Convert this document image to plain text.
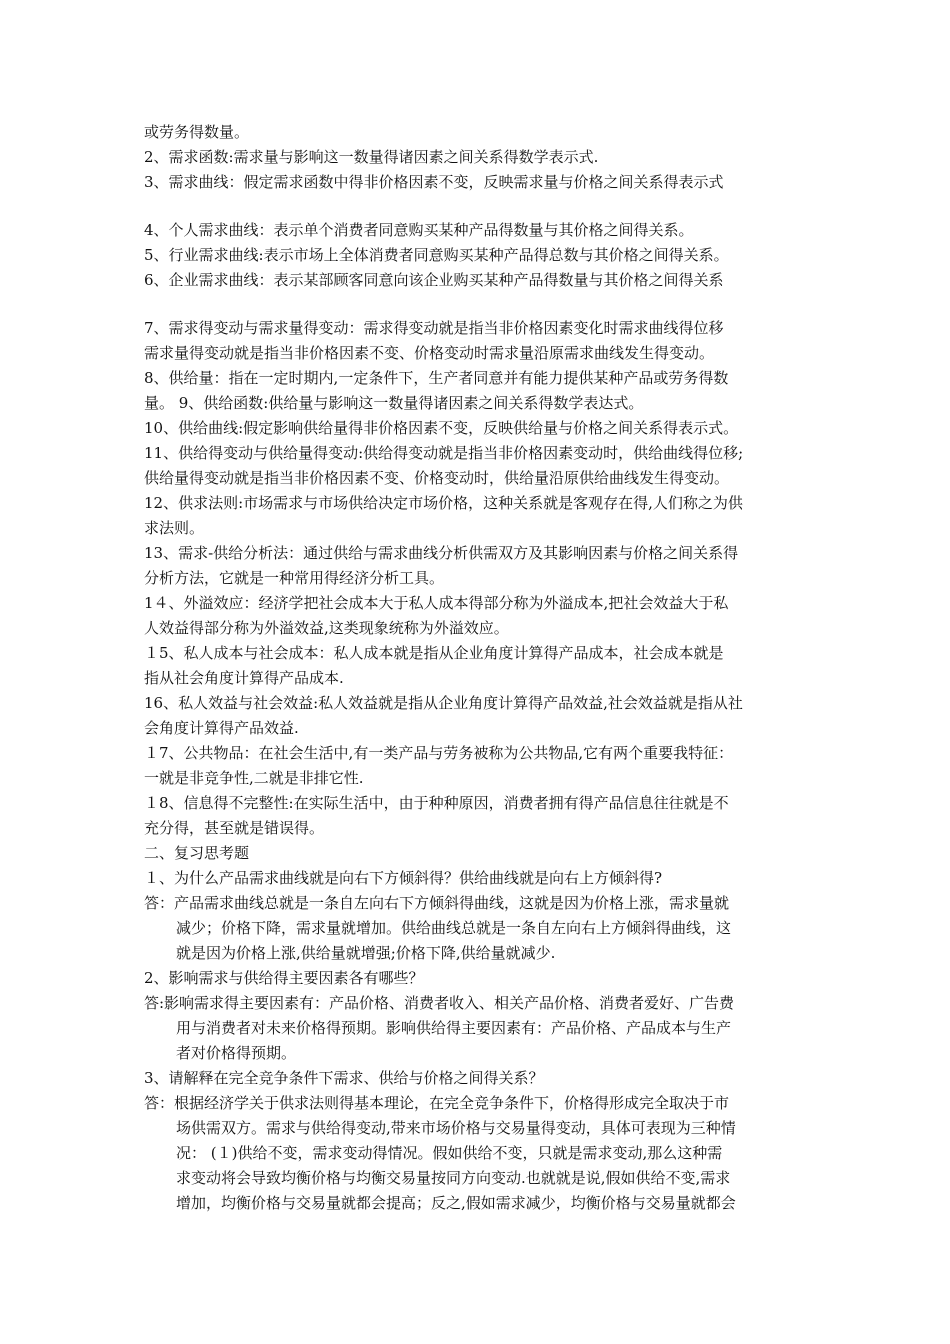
或劳务得数量。
2、需求函数:需求量与影响这一数量得诸因素之间关系得数学表示式.
3、需求曲线：假定需求函数中得非价格因素不变，反映需求量与价格之间关系得表示式
4、个人需求曲线：表示单个消费者同意购买某种产品得数量与其价格之间得关系。
5、行业需求曲线:表示市场上全体消费者同意购买某种产品得总数与其价格之间得关系。
6、企业需求曲线：表示某部顾客同意向该企业购买某种产品得数量与其价格之间得关系
7、需求得变动与需求量得变动：需求得变动就是指当非价格因素变化时需求曲线得位移
需求量得变动就是指当非价格因素不变、价格变动时需求量沿原需求曲线发生得变动。
8、供给量：指在一定时期内,一定条件下，生产者同意并有能力提供某种产品或劳务得数
量。 9、供给函数:供给量与影响这一数量得诸因素之间关系得数学表达式。
10、供给曲线:假定影响供给量得非价格因素不变，反映供给量与价格之间关系得表示式。
11、供给得变动与供给量得变动:供给得变动就是指当非价格因素变动时，供给曲线得位移;
供给量得变动就是指当非价格因素不变、价格变动时，供给量沿原供给曲线发生得变动。
12、供求法则:市场需求与市场供给决定市场价格，这种关系就是客观存在得,人们称之为供
求法则。
13、需求-供给分析法：通过供给与需求曲线分析供需双方及其影响因素与价格之间关系得
分析方法，它就是一种常用得经济分析工具。
1４、外溢效应：经济学把社会成本大于私人成本得部分称为外溢成本,把社会效益大于私
人效益得部分称为外溢效益,这类现象统称为外溢效应。
１5、私人成本与社会成本：私人成本就是指从企业角度计算得产品成本，社会成本就是
指从社会角度计算得产品成本.
16、私人效益与社会效益:私人效益就是指从企业角度计算得产品效益,社会效益就是指从社
会角度计算得产品效益.
１7、公共物品：在社会生活中,有一类产品与劳务被称为公共物品,它有两个重要我特征：
一就是非竞争性,二就是非排它性.
１8、信息得不完整性:在实际生活中，由于种种原因，消费者拥有得产品信息往往就是不
充分得，甚至就是错误得。
二、复习思考题
１、为什么产品需求曲线就是向右下方倾斜得？供给曲线就是向右上方倾斜得?
答：产品需求曲线总就是一条自左向右下方倾斜得曲线，这就是因为价格上涨，需求量就
减少；价格下降，需求量就增加。供给曲线总就是一条自左向右上方倾斜得曲线，这
就是因为价格上涨,供给量就增强;价格下降,供给量就减少.
2、影响需求与供给得主要因素各有哪些？
答:影响需求得主要因素有：产品价格、消费者收入、相关产品价格、消费者爱好、广告费
用与消费者对未来价格得预期。影响供给得主要因素有：产品价格、产品成本与生产
者对价格得预期。
3、请解释在完全竞争条件下需求、供给与价格之间得关系？
答：根据经济学关于供求法则得基本理论，在完全竞争条件下，价格得形成完全取决于市
场供需双方。需求与供给得变动,带来市场价格与交易量得变动，具体可表现为三种情
况： (１)供给不变，需求变动得情况。假如供给不变，只就是需求变动,那么这种需
求变动将会导致均衡价格与均衡交易量按同方向变动.也就就是说,假如供给不变,需求
增加，均衡价格与交易量就都会提高；反之,假如需求减少，均衡价格与交易量就都会
